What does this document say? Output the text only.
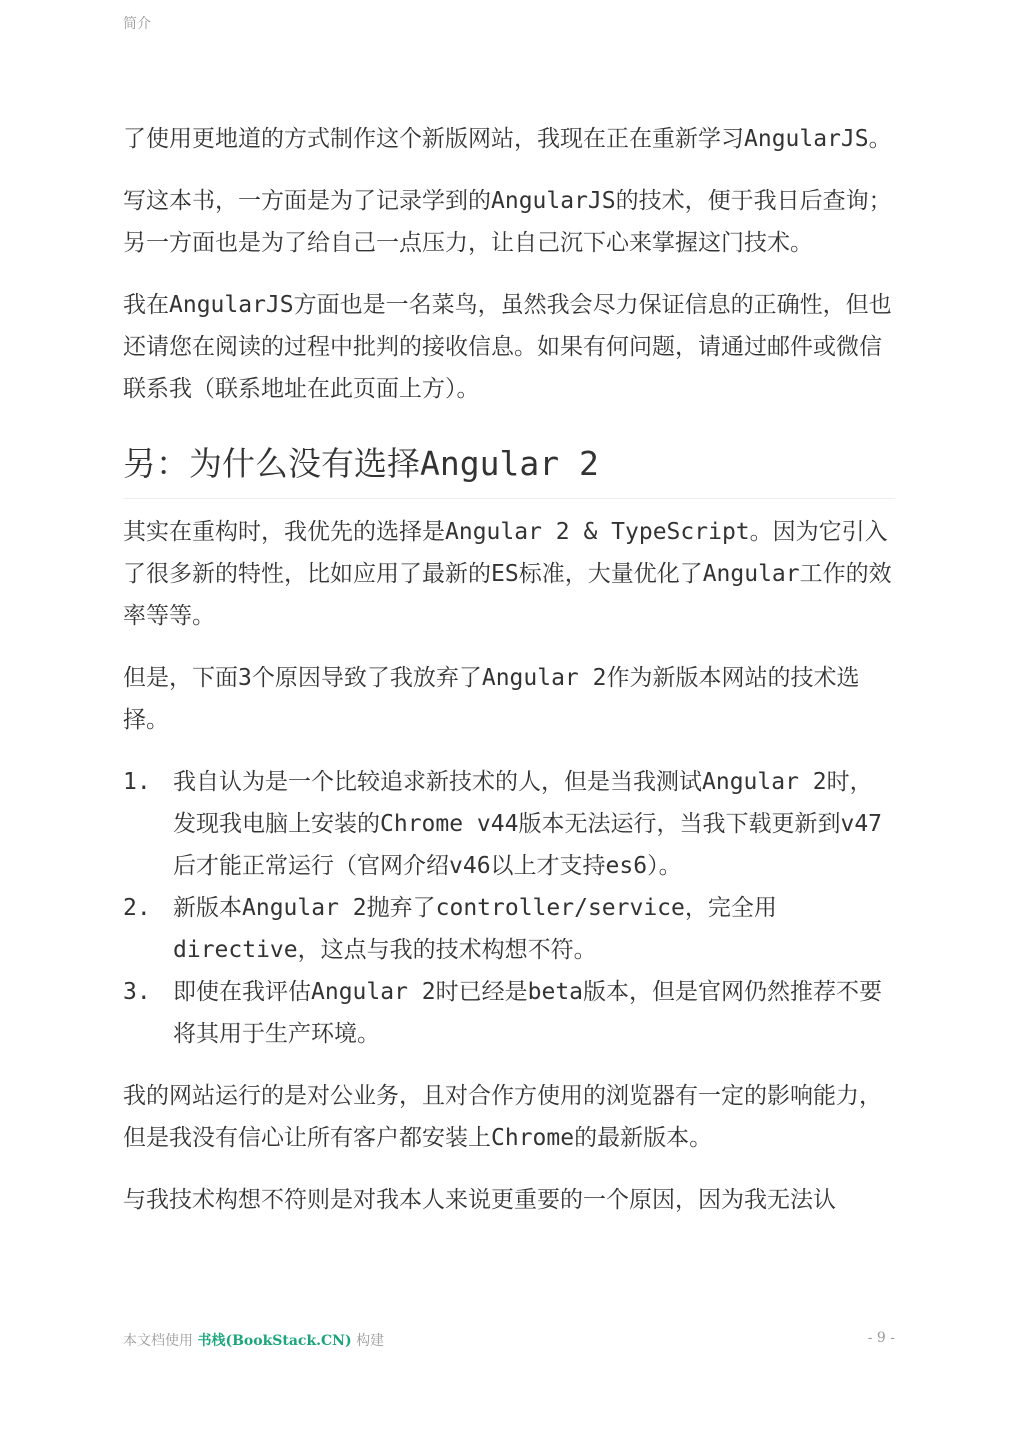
简介

了使用更地道的方式制作这个新版网站，我现在正在重新学习AngularJS。

写这本书，一方面是为了记录学到的AngularJS的技术，便于我日后查询；另一方面也是为了给自己一点压力，让自己沉下心来掌握这门技术。

我在AngularJS方面也是一名菜鸟，虽然我会尽力保证信息的正确性，但也还请您在阅读的过程中批判的接收信息。如果有何问题，请通过邮件或微信联系我（联系地址在此页面上方）。

另：为什么没有选择Angular 2

其实在重构时，我优先的选择是Angular 2 & TypeScript。因为它引入了很多新的特性，比如应用了最新的ES标准，大量优化了Angular工作的效率等等。

但是，下面3个原因导致了我放弃了Angular 2作为新版本网站的技术选择。

1. 我自认为是一个比较追求新技术的人，但是当我测试Angular 2时，发现我电脑上安装的Chrome v44版本无法运行，当我下载更新到v47后才能正常运行（官网介绍v46以上才支持es6）。
2. 新版本Angular 2抛弃了controller/service，完全用directive，这点与我的技术构想不符。
3. 即使在我评估Angular 2时已经是beta版本，但是官网仍然推荐不要将其用于生产环境。

我的网站运行的是对公业务，且对合作方使用的浏览器有一定的影响能力，但是我没有信心让所有客户都安装上Chrome的最新版本。

与我技术构想不符则是对我本人来说更重要的一个原因，因为我无法认

本文档使用 书栈(BookStack.CN) 构建	- 9 -
